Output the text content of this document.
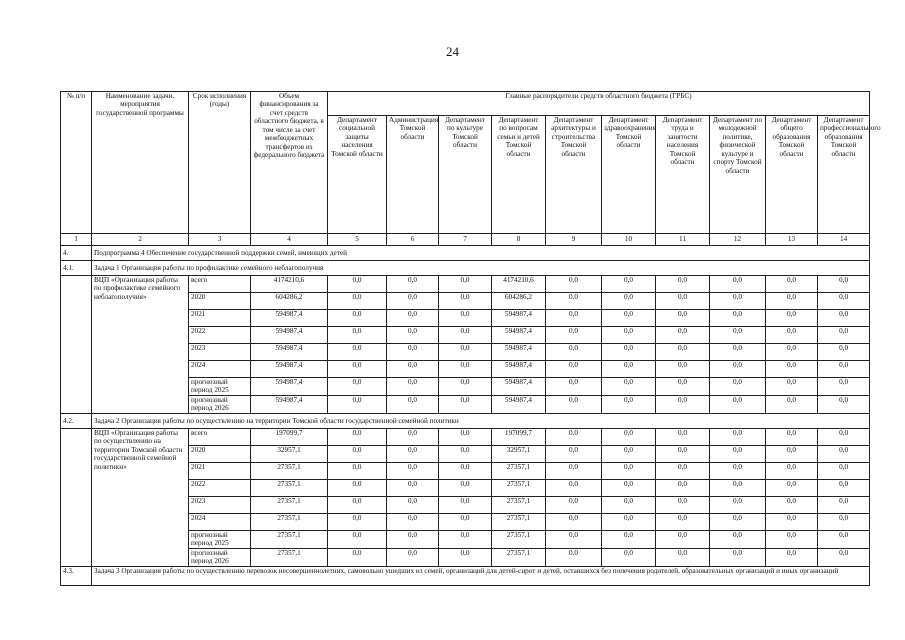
24
№ п/п	Наименование задачи, мероприятия государственной программы	Срок исполнения (годы)	Объем финансирования за счет средств областного бюджета, в том числе за счет межбюджетных трансфертов из федерального бюджета	Главные распорядители средств областного бюджета (ГРБС)									
				Департамент социальной защиты населения Томской области	Администрация Томской области	Департамент по культуре Томской области	Департамент по вопросам семьи и детей Томской области	Департамент архитектуры и строительства Томской области	Департамент здравоохранения Томской области	Департамент труда и занятости населения Томской области	Департамент по молодежной политике, физической культуре и спорту Томской области	Департамент общего образования Томской области	Департамент профессионального образования Томской области
1	2	3	4	5	6	7	8	9	10	11	12	13	14
4.	Подпрограмма 4 Обеспечение государственной поддержки семей, имеющих детей												
4.1.	Задача 1 Организация работы по профилактике семейного неблагополучия												
	ВЦП «Организация работы по профилактике семейного неблагополучия»	всего	4174210,6	0,0	0,0	0,0	4174210,6	0,0	0,0	0,0	0,0	0,0	0,0
		2020	604286,2	0,0	0,0	0,0	604286,2	0,0	0,0	0,0	0,0	0,0	0,0
		2021	594987,4	0,0	0,0	0,0	594987,4	0,0	0,0	0,0	0,0	0,0	0,0
		2022	594987,4	0,0	0,0	0,0	594987,4	0,0	0,0	0,0	0,0	0,0	0,0
		2023	594987,4	0,0	0,0	0,0	594987,4	0,0	0,0	0,0	0,0	0,0	0,0
		2024	594987,4	0,0	0,0	0,0	594987,4	0,0	0,0	0,0	0,0	0,0	0,0
		прогнозный период 2025	594987,4	0,0	0,0	0,0	594987,4	0,0	0,0	0,0	0,0	0,0	0,0
		прогнозный период 2026	594987,4	0,0	0,0	0,0	594987,4	0,0	0,0	0,0	0,0	0,0	0,0
4.2.	Задача 2 Организация работы по осуществлению на территории Томской области государственной семейной политики												
	ВЦП «Организация работы по осуществлению на территории Томской области государственной семейной политики»	всего	197099,7	0,0	0,0	0,0	197099,7	0,0	0,0	0,0	0,0	0,0	0,0
		2020	32957,1	0,0	0,0	0,0	32957,1	0,0	0,0	0,0	0,0	0,0	0,0
		2021	27357,1	0,0	0,0	0,0	27357,1	0,0	0,0	0,0	0,0	0,0	0,0
		2022	27357,1	0,0	0,0	0,0	27357,1	0,0	0,0	0,0	0,0	0,0	0,0
		2023	27357,1	0,0	0,0	0,0	27357,1	0,0	0,0	0,0	0,0	0,0	0,0
		2024	27357,1	0,0	0,0	0,0	27357,1	0,0	0,0	0,0	0,0	0,0	0,0
		прогнозный период 2025	27357,1	0,0	0,0	0,0	27357,1	0,0	0,0	0,0	0,0	0,0	0,0
		прогнозный период 2026	27357,1	0,0	0,0	0,0	27357,1	0,0	0,0	0,0	0,0	0,0	0,0
4.3.	Задача 3 Организация работы по осуществлению перевозок несовершеннолетних, самовольно ушедших из семей, организаций для детей-сирот и детей, оставшихся без попечения родителей, образовательных организаций и иных организаций												
